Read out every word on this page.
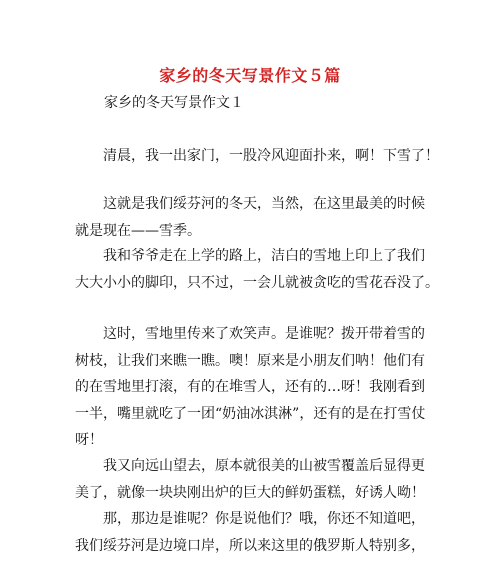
家乡的冬天写景作文５篇
家乡的冬天写景作文１
清晨，我一出家门，一股冷风迎面扑来，啊！下雪了！
这就是我们绥芬河的冬天，当然，在这里最美的时候
就是现在——雪季。
我和爷爷走在上学的路上，洁白的雪地上印上了我们
大大小小的脚印，只不过，一会儿就被贪吃的雪花吞没了。
这时，雪地里传来了欢笑声。是谁呢？拨开带着雪的
树枝，让我们来瞧一瞧。噢！原来是小朋友们呐！他们有
的在雪地里打滚，有的在堆雪人，还有的…呀！我刚看到
一半，嘴里就吃了一团“奶油冰淇淋”，还有的是在打雪仗
呀！
我又向远山望去，原本就很美的山被雪覆盖后显得更
美了，就像一块块刚出炉的巨大的鲜奶蛋糕，好诱人呦！
那，那边是谁呢？你是说他们？哦，你还不知道吧，
我们绥芬河是边境口岸，所以来这里的俄罗斯人特别多，
